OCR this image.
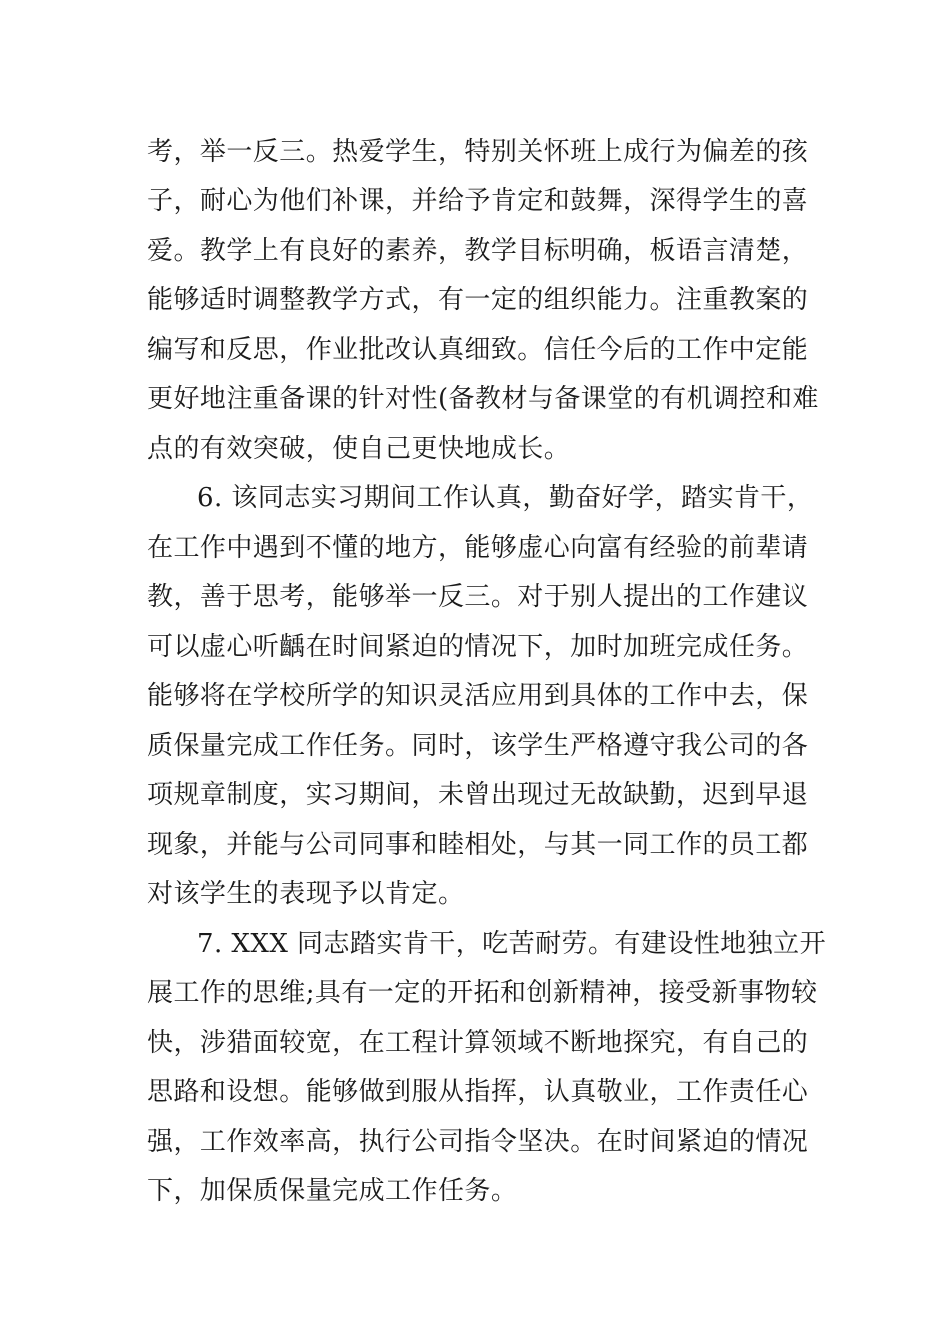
考，举一反三。热爱学生，特别关怀班上成行为偏差的孩

子，耐心为他们补课，并给予肯定和鼓舞，深得学生的喜

爱。教学上有良好的素养，教学目标明确，板语言清楚，

能够适时调整教学方式，有一定的组织能力。注重教案的

编写和反思，作业批改认真细致。信任今后的工作中定能

更好地注重备课的针对性(备教材与备课堂的有机调控和难

点的有效突破，使自己更快地成长。

6. 该同志实习期间工作认真，勤奋好学，踏实肯干，

在工作中遇到不懂的地方，能够虚心向富有经验的前辈请

教，善于思考，能够举一反三。对于别人提出的工作建议

可以虚心听齲在时间紧迫的情况下，加时加班完成任务。

能够将在学校所学的知识灵活应用到具体的工作中去，保

质保量完成工作任务。同时，该学生严格遵守我公司的各

项规章制度，实习期间，未曾出现过无故缺勤，迟到早退

现象，并能与公司同事和睦相处，与其一同工作的员工都

对该学生的表现予以肯定。

7. XXX 同志踏实肯干，吃苦耐劳。有建设性地独立开

展工作的思维;具有一定的开拓和创新精神，接受新事物较

快，涉猎面较宽，在工程计算领域不断地探究，有自己的

思路和设想。能够做到服从指挥，认真敬业，工作责任心

强，工作效率高，执行公司指令坚决。在时间紧迫的情况

下，加保质保量完成工作任务。
